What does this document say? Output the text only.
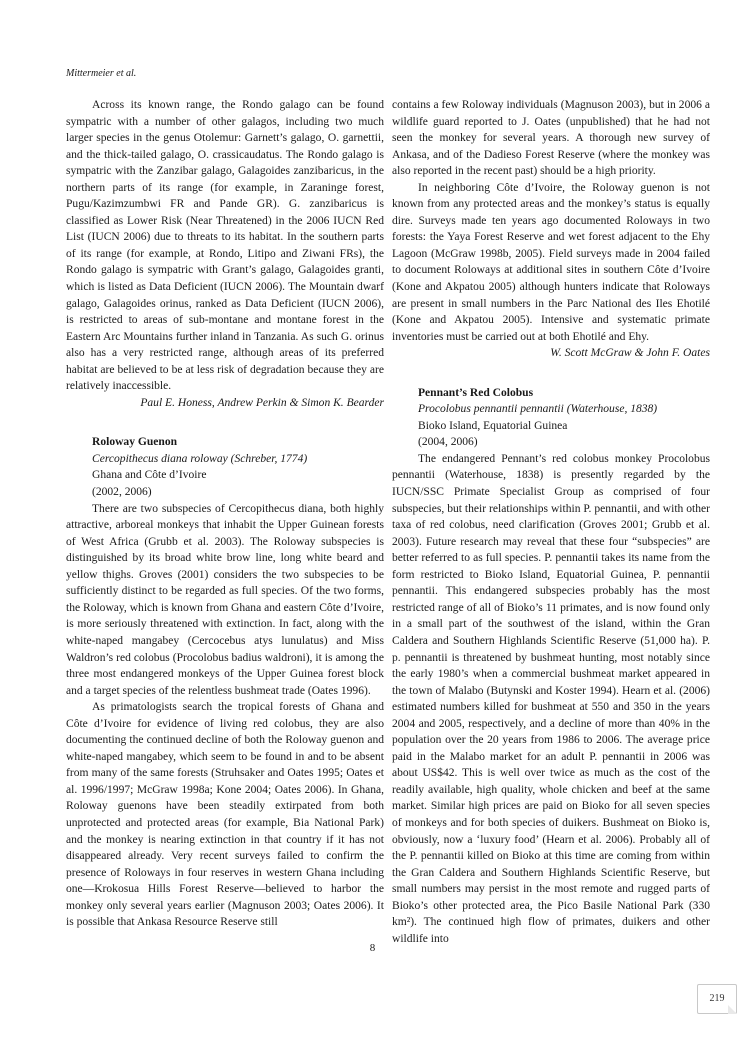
Mittermeier et al.

Across its known range, the Rondo galago can be found sympatric with a number of other galagos, including two much larger species in the genus Otolemur: Garnett’s galago, O. garnettii, and the thick-tailed galago, O. crassicaudatus. The Rondo galago is sympatric with the Zanzibar galago, Galagoides zanzibaricus, in the northern parts of its range (for example, in Zaraninge forest, Pugu/Kazimzumbwi FR and Pande GR). G. zanzibaricus is classified as Lower Risk (Near Threatened) in the 2006 IUCN Red List (IUCN 2006) due to threats to its habitat. In the southern parts of its range (for example, at Rondo, Litipo and Ziwani FRs), the Rondo galago is sympatric with Grant’s galago, Galagoides granti, which is listed as Data Deficient (IUCN 2006). The Mountain dwarf galago, Galagoides orinus, ranked as Data Deficient (IUCN 2006), is restricted to areas of sub-montane and montane forest in the Eastern Arc Mountains further inland in Tanzania. As such G. orinus also has a very restricted range, although areas of its preferred habitat are believed to be at less risk of degradation because they are relatively inaccessible.

Paul E. Honess, Andrew Perkin & Simon K. Bearder

Roloway Guenon

Cercopithecus diana roloway (Schreber, 1774)

Ghana and Côte d’Ivoire

(2002, 2006)

There are two subspecies of Cercopithecus diana, both highly attractive, arboreal monkeys that inhabit the Upper Guinean forests of West Africa (Grubb et al. 2003). The Roloway subspecies is distinguished by its broad white brow line, long white beard and yellow thighs. Groves (2001) considers the two subspecies to be sufficiently distinct to be regarded as full species. Of the two forms, the Roloway, which is known from Ghana and eastern Côte d’Ivoire, is more seriously threatened with extinction. In fact, along with the white-naped mangabey (Cercocebus atys lunulatus) and Miss Waldron’s red colobus (Procolobus badius waldroni), it is among the three most endangered monkeys of the Upper Guinea forest block and a target species of the relentless bushmeat trade (Oates 1996).

As primatologists search the tropical forests of Ghana and Côte d’Ivoire for evidence of living red colobus, they are also documenting the continued decline of both the Roloway guenon and white-naped mangabey, which seem to be found in and to be absent from many of the same forests (Struhsaker and Oates 1995; Oates et al. 1996/1997; McGraw 1998a; Kone 2004; Oates 2006). In Ghana, Roloway guenons have been steadily extirpated from both unprotected and protected areas (for example, Bia National Park) and the monkey is nearing extinction in that country if it has not disappeared already. Very recent surveys failed to confirm the presence of Roloways in four reserves in western Ghana including one—Krokosua Hills Forest Reserve—believed to harbor the monkey only several years earlier (Magnuson 2003; Oates 2006). It is possible that Ankasa Resource Reserve still

contains a few Roloway individuals (Magnuson 2003), but in 2006 a wildlife guard reported to J. Oates (unpublished) that he had not seen the monkey for several years. A thorough new survey of Ankasa, and of the Dadieso Forest Reserve (where the monkey was also reported in the recent past) should be a high priority.

In neighboring Côte d’Ivoire, the Roloway guenon is not known from any protected areas and the monkey’s status is equally dire. Surveys made ten years ago documented Roloways in two forests: the Yaya Forest Reserve and wet forest adjacent to the Ehy Lagoon (McGraw 1998b, 2005). Field surveys made in 2004 failed to document Roloways at additional sites in southern Côte d’Ivoire (Kone and Akpatou 2005) although hunters indicate that Roloways are present in small numbers in the Parc National des Iles Ehotilé (Kone and Akpatou 2005). Intensive and systematic primate inventories must be carried out at both Ehotilé and Ehy.

W. Scott McGraw & John F. Oates

Pennant’s Red Colobus

Procolobus pennantii pennantii (Waterhouse, 1838)

Bioko Island, Equatorial Guinea

(2004, 2006)

The endangered Pennant’s red colobus monkey Procolobus pennantii (Waterhouse, 1838) is presently regarded by the IUCN/SSC Primate Specialist Group as comprised of four subspecies, but their relationships within P. pennantii, and with other taxa of red colobus, need clarification (Groves 2001; Grubb et al. 2003). Future research may reveal that these four “subspecies” are better referred to as full species. P. pennantii takes its name from the form restricted to Bioko Island, Equatorial Guinea, P. pennantii pennantii. This endangered subspecies probably has the most restricted range of all of Bioko’s 11 primates, and is now found only in a small part of the southwest of the island, within the Gran Caldera and Southern Highlands Scientific Reserve (51,000 ha). P. p. pennantii is threatened by bushmeat hunting, most notably since the early 1980’s when a commercial bushmeat market appeared in the town of Malabo (Butynski and Koster 1994). Hearn et al. (2006) estimated numbers killed for bushmeat at 550 and 350 in the years 2004 and 2005, respectively, and a decline of more than 40% in the population over the 20 years from 1986 to 2006. The average price paid in the Malabo market for an adult P. pennantii in 2006 was about US$42. This is well over twice as much as the cost of the readily available, high quality, whole chicken and beef at the same market. Similar high prices are paid on Bioko for all seven species of monkeys and for both species of duikers. Bushmeat on Bioko is, obviously, now a ‘luxury food’ (Hearn et al. 2006). Probably all of the P. pennantii killed on Bioko at this time are coming from within the Gran Caldera and Southern Highlands Scientific Reserve, but small numbers may persist in the most remote and rugged parts of Bioko’s other protected area, the Pico Basile National Park (330 km²). The continued high flow of primates, duikers and other wildlife into

8
219
